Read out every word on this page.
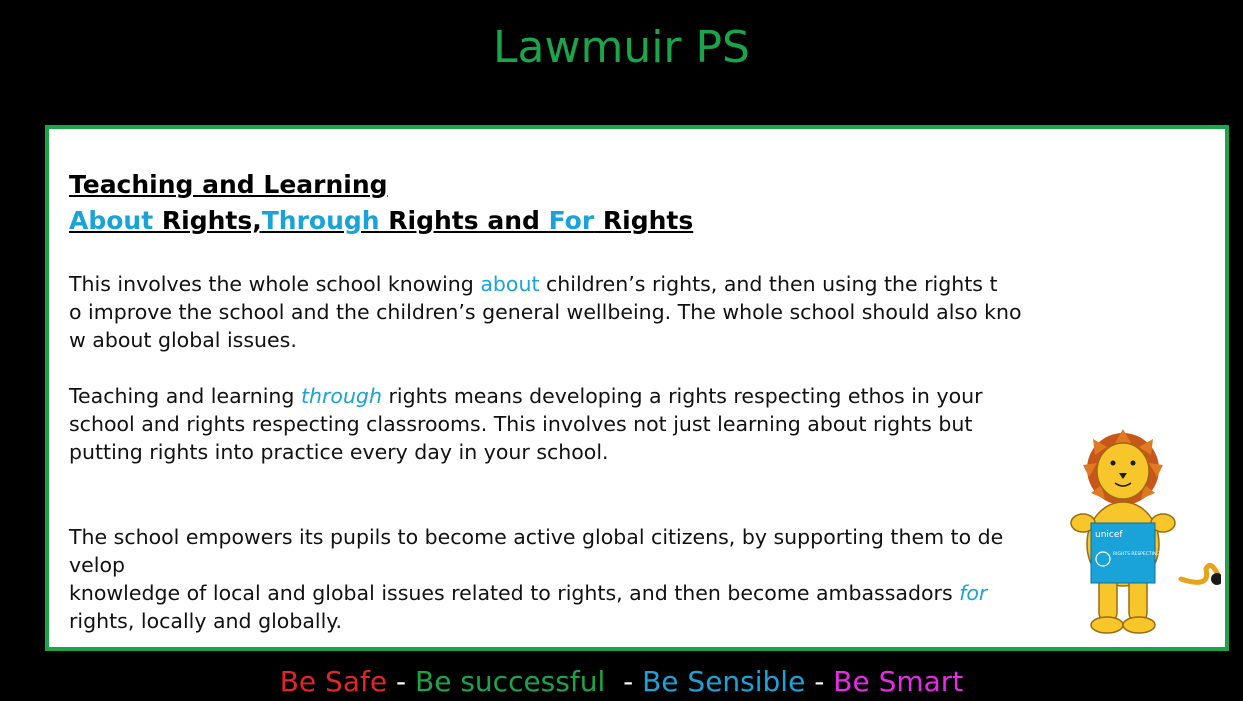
Lawmuir PS
Teaching and Learning
About Rights,Through Rights and For Rights
This involves the whole school knowing about children’s rights, and then using the rights t
o improve the school and the children’s general wellbeing. The whole school should also kno
w about global issues.
Teaching and learning through rights means developing a rights respecting ethos in your
school and rights respecting classrooms. This involves not just learning about rights but
putting rights into practice every day in your school.
The school empowers its pupils to become active global citizens, by supporting them to de
velop
knowledge of local and global issues related to rights, and then become ambassadors for
rights, locally and globally.
unicef
RIGHTS RESPECTING SCHOOLS
Be Safe - Be successful - Be Sensible - Be Smart
